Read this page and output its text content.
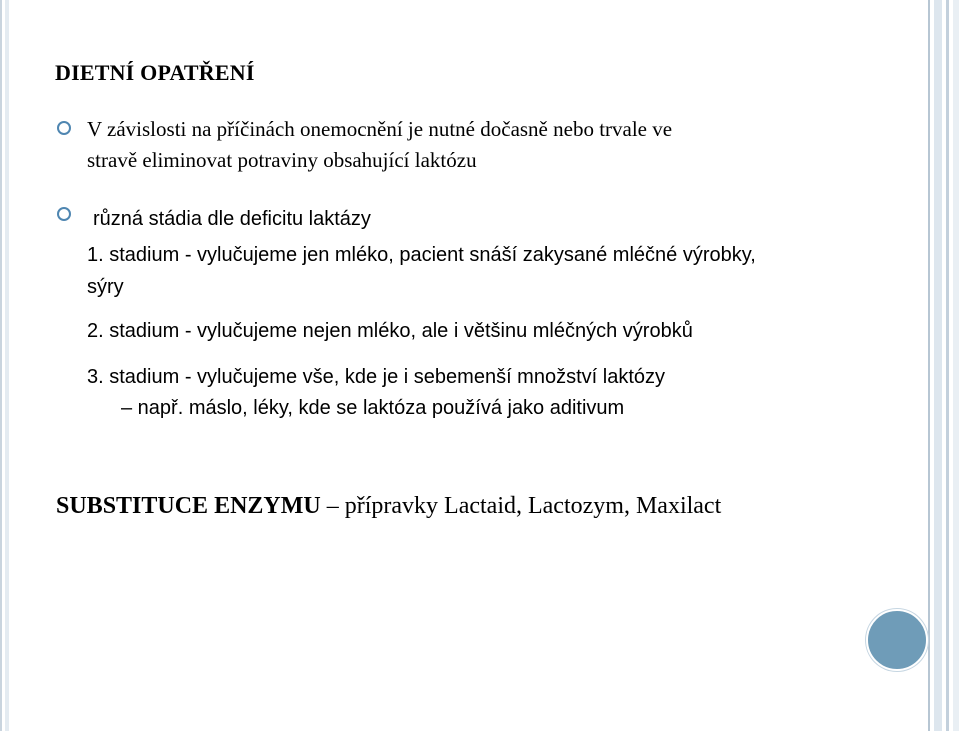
DIETNÍ OPATŘENÍ
V závislosti na příčinách onemocnění je nutné dočasně nebo trvale ve
stravě eliminovat potraviny obsahující laktózu
různá stádia dle deficitu laktázy
1. stadium - vylučujeme jen mléko, pacient snáší zakysané mléčné výrobky,
sýry
2. stadium - vylučujeme nejen mléko, ale i většinu mléčných výrobků
3. stadium - vylučujeme vše, kde je i sebemenší množství laktózy
– např. máslo, léky, kde se laktóza používá jako aditivum
SUBSTITUCE ENZYMU – přípravky Lactaid, Lactozym, Maxilact
